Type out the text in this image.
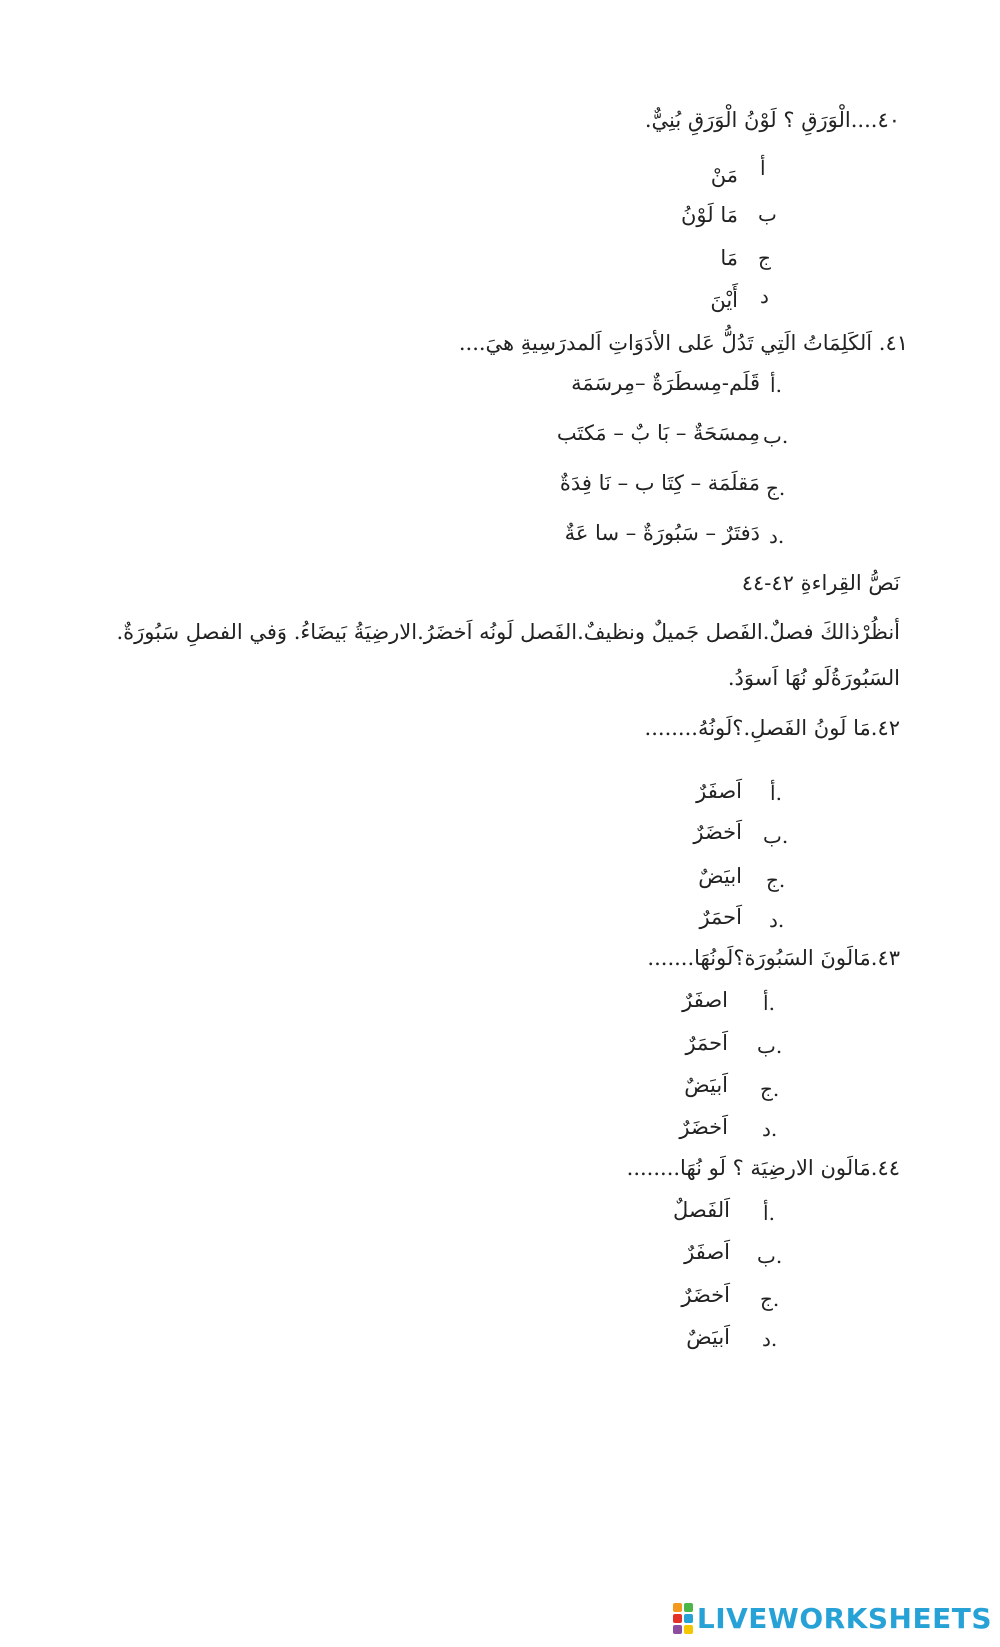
٤٠....الْوَرَقِ ؟ لَوْنُ الْوَرَقِ بُنِيٌّ.
أ
مَنْ
ب
مَا لَوْنُ
ج
مَا
د
أَيْنَ
٤١. اَلكَلِمَاتُ الَتِي تَدُلُّ عَلى الأدَوَاتِ اَلمدرَسِيةِ هيَ....
أ.
قَلَم-مِسطَرَةٌ –مِرسَمَة
ب.
مِمسَحَةٌ – بَا بٌ – مَكتَب
ج.
مَقلَمَة – كِتَا ب – نَا فِدَةٌ
د.
دَفتَرٌ – سَبُورَةٌ – سا عَةٌ
نَصُّ القِراءةِ ٤٢-٤٤
أنظُرْذالكَ فصلٌ.الفَصل جَميلٌ ونظيفٌ.الفَصل لَونُه اَخضَرُ.الارضِيَةُ بَيضَاءُ. وَفي الفصلِ سَبُورَةٌ.
السَبُورَةُلَو نُهَا اَسوَدُ.
٤٢.مَا لَونُ الفَصلِ.؟لَونُهُ........
أ.
اَصفَرٌ
ب.
اَخضَرٌ
ج.
ابيَضٌ
د.
اَحمَرٌ
٤٣.مَالَونَ السَبُورَة؟لَونُهَا.......
أ.
اصفَرٌ
ب.
اَحمَرٌ
ج.
اَبيَضٌ
د.
اَخضَرٌ
٤٤.مَالَون الارضِيَة ؟ لَو نُهَا........
أ.
اَلفَصلٌ
ب.
اَصفَرٌ
ج.
اَخضَرٌ
د.
اَبيَضٌ
LIVEWORKSHEETS
